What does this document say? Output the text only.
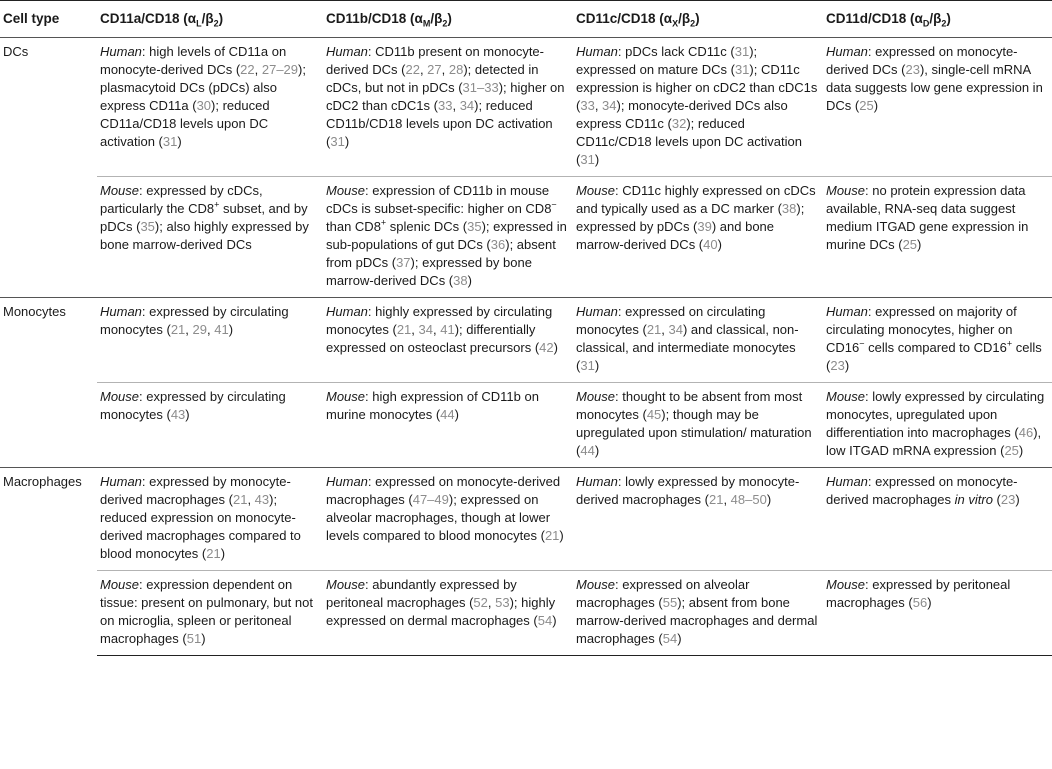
Cell type	CD11a/CD18 $(\alpha_L/\beta_2)$	CD11b/CD18 $(\alpha_M/\beta_2)$	CD11c/CD18 $(\alpha_X/\beta_2)$	CD11d/CD18 $(\alpha_D/\beta_2)$
DCs	Human: high levels of CD11a on monocyte-derived DCs (22, 27–29); plasmacytoid DCs (pDCs) also express CD11a (30); reduced CD11a/CD18 levels upon DC activation (31)	Human: CD11b present on monocyte-derived DCs (22, 27, 28); detected in cDCs, but not in pDCs (31–33); higher on cDC2 than cDC1s (33, 34); reduced CD11b/CD18 levels upon DC activation (31)	Human: pDCs lack CD11c (31); expressed on mature DCs (31); CD11c expression is higher on cDC2 than cDC1s (33, 34); monocyte-derived DCs also express CD11c (32); reduced CD11c/CD18 levels upon DC activation (31)	Human: expressed on monocyte-derived DCs (23), single-cell mRNA data suggests low gene expression in DCs (25)
	Mouse: expressed by cDCs, particularly the CD8+ subset, and by pDCs (35); also highly expressed by bone marrow-derived DCs	Mouse: expression of CD11b in mouse cDCs is subset-specific: higher on CD8− than CD8+ splenic DCs (35); expressed in sub-populations of gut DCs (36); absent from pDCs (37); expressed by bone marrow-derived DCs (38)	Mouse: CD11c highly expressed on cDCs and typically used as a DC marker (38); expressed by pDCs (39) and bone marrow-derived DCs (40)	Mouse: no protein expression data available, RNA-seq data suggest medium ITGAD gene expression in murine DCs (25)
Monocytes	Human: expressed by circulating monocytes (21, 29, 41)	Human: highly expressed by circulating monocytes (21, 34, 41); differentially expressed on osteoclast precursors (42)	Human: expressed on circulating monocytes (21, 34) and classical, non-classical, and intermediate monocytes (31)	Human: expressed on majority of circulating monocytes, higher on CD16− cells compared to CD16+ cells (23)
	Mouse: expressed by circulating monocytes (43)	Mouse: high expression of CD11b on murine monocytes (44)	Mouse: thought to be absent from most monocytes (45); though may be upregulated upon stimulation/ maturation (44)	Mouse: lowly expressed by circulating monocytes, upregulated upon differentiation into macrophages (46), low ITGAD mRNA expression (25)
Macrophages	Human: expressed by monocyte-derived macrophages (21, 43); reduced expression on monocyte-derived macrophages compared to blood monocytes (21)	Human: expressed on monocyte-derived macrophages (47–49); expressed on alveolar macrophages, though at lower levels compared to blood monocytes (21)	Human: lowly expressed by monocyte-derived macrophages (21, 48–50)	Human: expressed on monocyte-derived macrophages in vitro (23)
	Mouse: expression dependent on tissue: present on pulmonary, but not on microglia, spleen or peritoneal macrophages (51)	Mouse: abundantly expressed by peritoneal macrophages (52, 53); highly expressed on dermal macrophages (54)	Mouse: expressed on alveolar macrophages (55); absent from bone marrow-derived macrophages and dermal macrophages (54)	Mouse: expressed by peritoneal macrophages (56)
